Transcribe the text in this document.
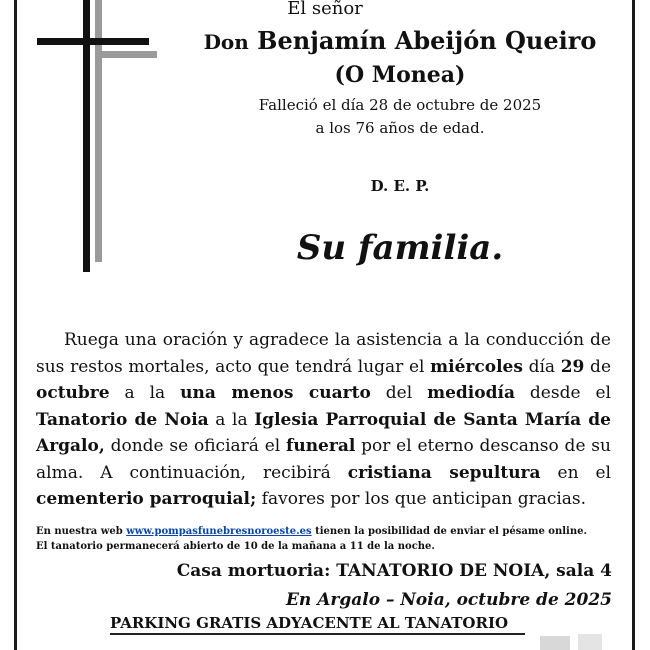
El señor
Don Benjamín Abeijón Queiro
(O Monea)
Falleció el día 28 de octubre de 2025
a los 76 años de edad.
D. E. P.
Su familia.
Ruega una oración y agradece la asistencia a la conducción de sus restos mortales, acto que tendrá lugar el miércoles día 29 de octubre a la una menos cuarto del mediodía desde el Tanatorio de Noia a la Iglesia Parroquial de Santa María de Argalo, donde se oficiará el funeral por el eterno descanso de su alma. A continuación, recibirá cristiana sepultura en el cementerio parroquial; favores por los que anticipan gracias.
En nuestra web www.pompasfunebresnoroeste.es tienen la posibilidad de enviar el pésame online.
El tanatorio permanecerá abierto de 10 de la mañana a 11 de la noche.
Casa mortuoria: TANATORIO DE NOIA, sala 4
En Argalo – Noia, octubre de 2025
PARKING GRATIS ADYACENTE AL TANATORIO
